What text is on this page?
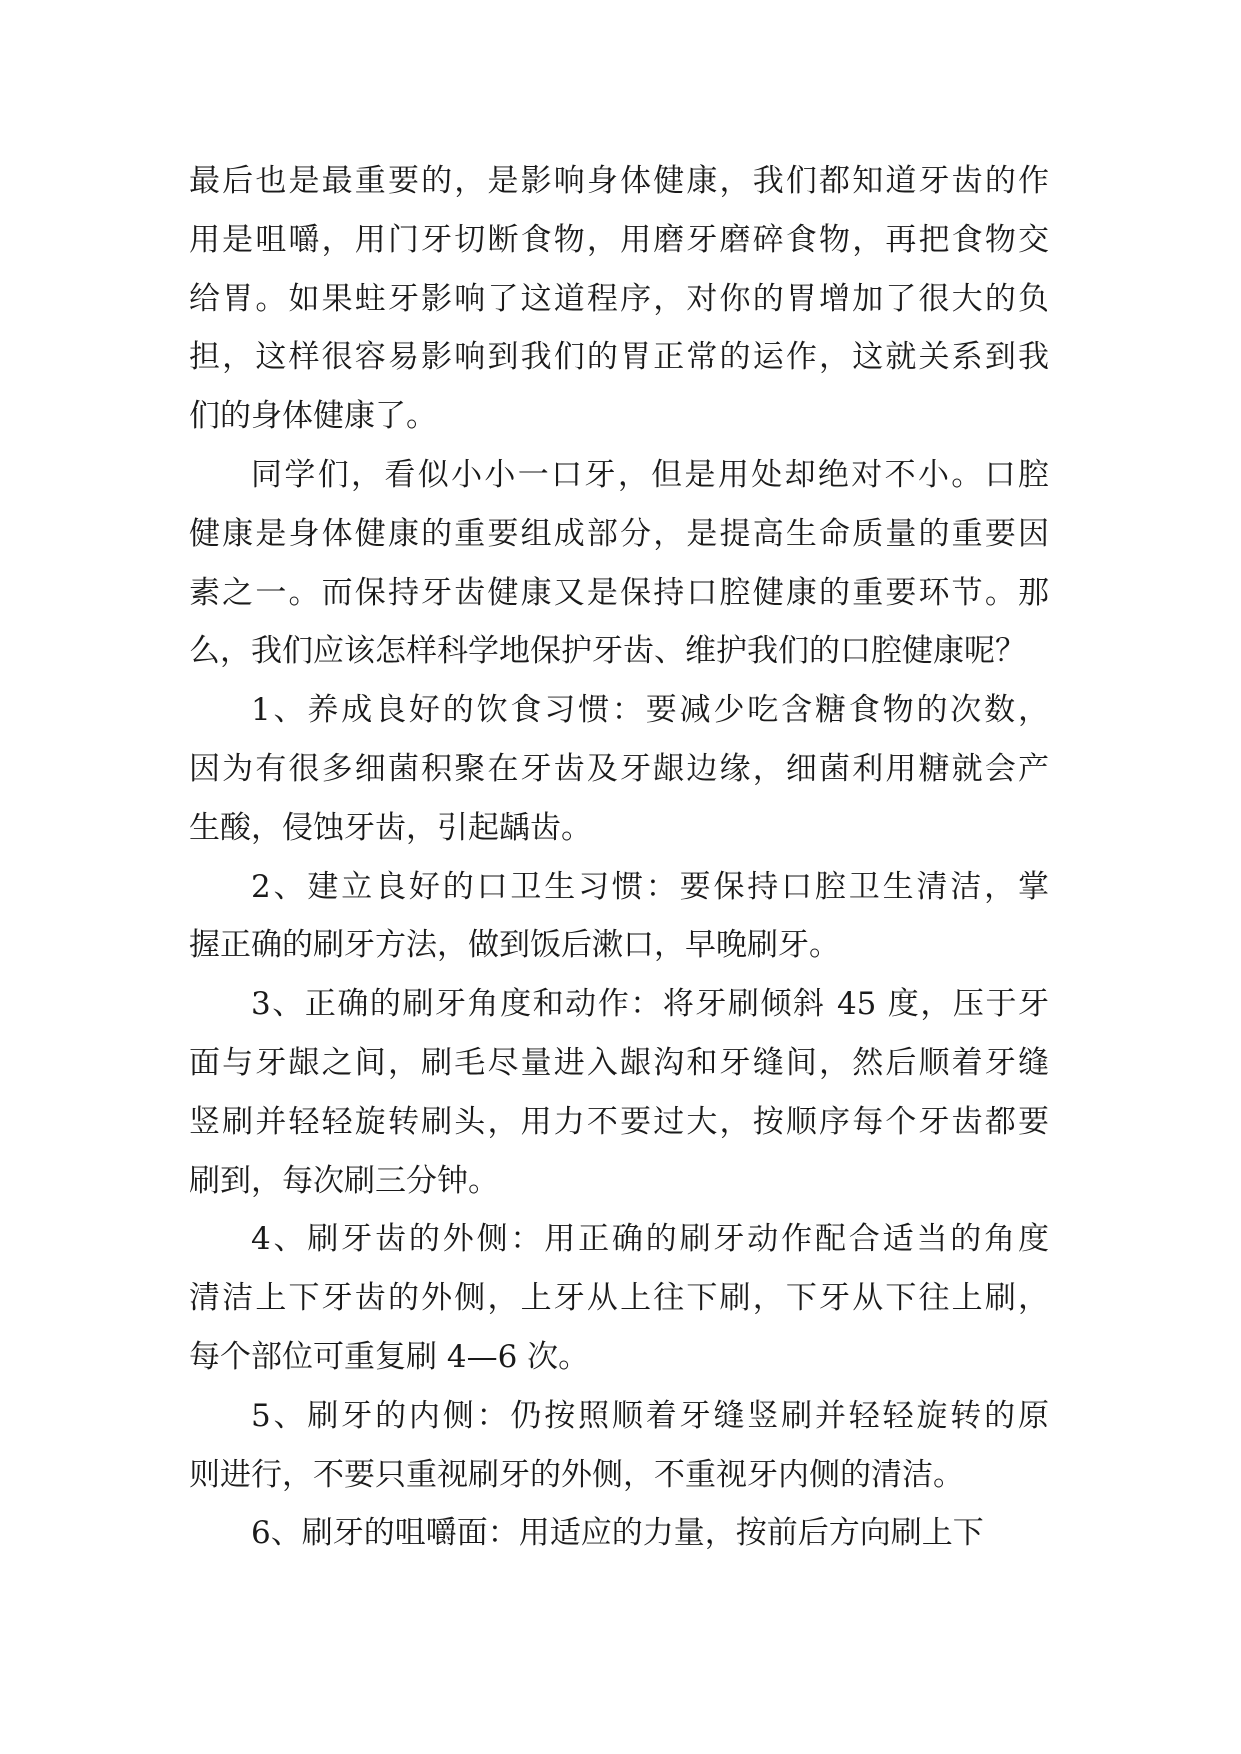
最后也是最重要的，是影响身体健康，我们都知道牙齿的作
用是咀嚼，用门牙切断食物，用磨牙磨碎食物，再把食物交
给胃。如果蛀牙影响了这道程序，对你的胃增加了很大的负
担，这样很容易影响到我们的胃正常的运作，这就关系到我
们的身体健康了。
同学们，看似小小一口牙，但是用处却绝对不小。口腔
健康是身体健康的重要组成部分，是提高生命质量的重要因
素之一。而保持牙齿健康又是保持口腔健康的重要环节。那
么，我们应该怎样科学地保护牙齿、维护我们的口腔健康呢？
1、养成良好的饮食习惯：要减少吃含糖食物的次数，
因为有很多细菌积聚在牙齿及牙龈边缘，细菌利用糖就会产
生酸，侵蚀牙齿，引起龋齿。
2、建立良好的口卫生习惯：要保持口腔卫生清洁，掌
握正确的刷牙方法，做到饭后漱口，早晚刷牙。
3、正确的刷牙角度和动作：将牙刷倾斜 45 度，压于牙
面与牙龈之间，刷毛尽量进入龈沟和牙缝间，然后顺着牙缝
竖刷并轻轻旋转刷头，用力不要过大，按顺序每个牙齿都要
刷到，每次刷三分钟。
4、刷牙齿的外侧：用正确的刷牙动作配合适当的角度
清洁上下牙齿的外侧，上牙从上往下刷，下牙从下往上刷，
每个部位可重复刷 4—6 次。
5、刷牙的内侧：仍按照顺着牙缝竖刷并轻轻旋转的原
则进行，不要只重视刷牙的外侧，不重视牙内侧的清洁。
6、刷牙的咀嚼面：用适应的力量，按前后方向刷上下
